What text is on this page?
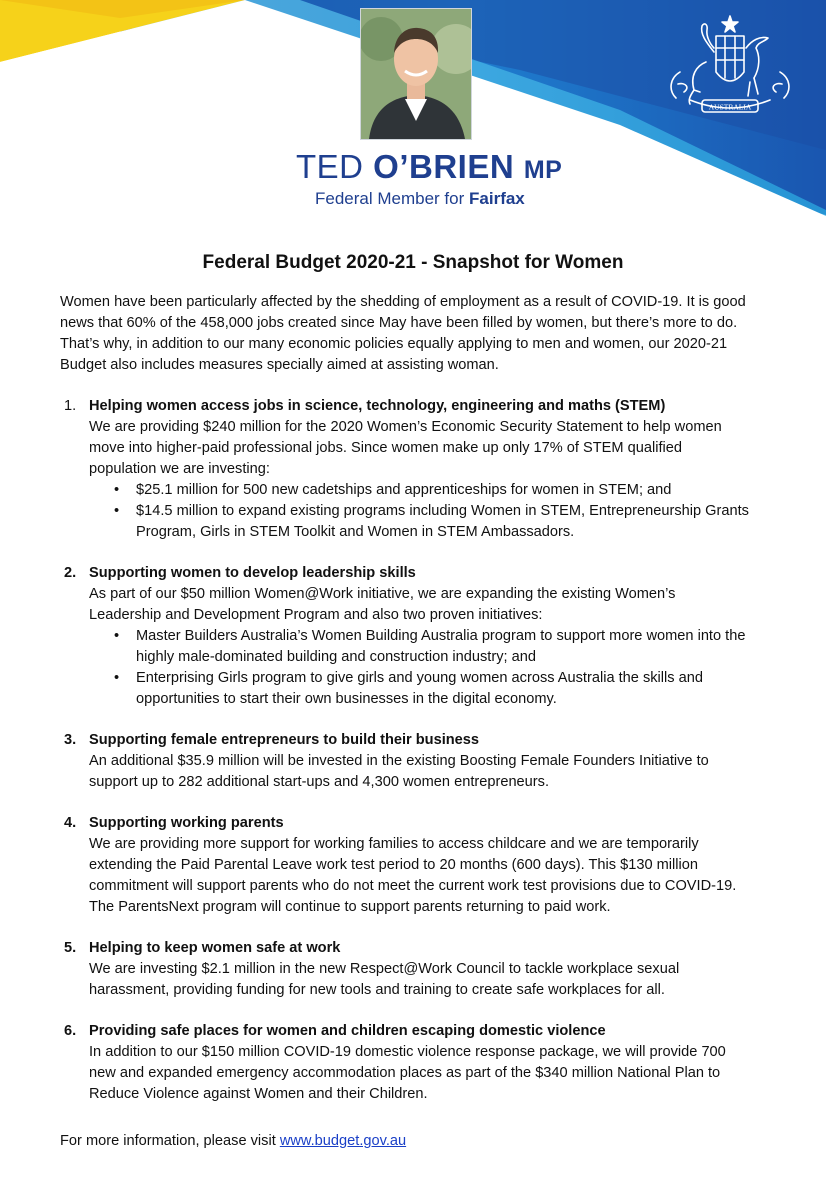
AUSTRALIA
TED O’BRIEN MP
Federal Member for Fairfax
Federal Budget 2020-21 - Snapshot for Women

Women have been particularly affected by the shedding of employment as a result of COVID-19. It is good news that 60% of the 458,000 jobs created since May have been filled by women, but there’s more to do. That’s why, in addition to our many economic policies equally applying to men and women, our 2020-21 Budget also includes measures specially aimed at assisting woman.

1. Helping women access jobs in science, technology, engineering and maths (STEM)

We are providing $240 million for the 2020 Women’s Economic Security Statement to help women move into higher-paid professional jobs. Since women make up only 17% of STEM qualified population we are investing:

• $25.1 million for 500 new cadetships and apprenticeships for women in STEM; and
• $14.5 million to expand existing programs including Women in STEM, Entrepreneurship Grants Program, Girls in STEM Toolkit and Women in STEM Ambassadors.
2. Supporting women to develop leadership skills

As part of our $50 million Women@Work initiative, we are expanding the existing Women’s Leadership and Development Program and also two proven initiatives:

• Master Builders Australia’s Women Building Australia program to support more women into the highly male-dominated building and construction industry; and
• Enterprising Girls program to give girls and young women across Australia the skills and opportunities to start their own businesses in the digital economy.
3. Supporting female entrepreneurs to build their business

An additional $35.9 million will be invested in the existing Boosting Female Founders Initiative to support up to 282 additional start-ups and 4,300 women entrepreneurs.

4. Supporting working parents

We are providing more support for working families to access childcare and we are temporarily extending the Paid Parental Leave work test period to 20 months (600 days). This $130 million commitment will support parents who do not meet the current work test provisions due to COVID-19. The ParentsNext program will continue to support parents returning to paid work.

5. Helping to keep women safe at work

We are investing $2.1 million in the new Respect@Work Council to tackle workplace sexual harassment, providing funding for new tools and training to create safe workplaces for all.

6. Providing safe places for women and children escaping domestic violence

In addition to our $150 million COVID-19 domestic violence response package, we will provide 700 new and expanded emergency accommodation places as part of the $340 million National Plan to Reduce Violence against Women and their Children.

For more information, please visit www.budget.gov.au
